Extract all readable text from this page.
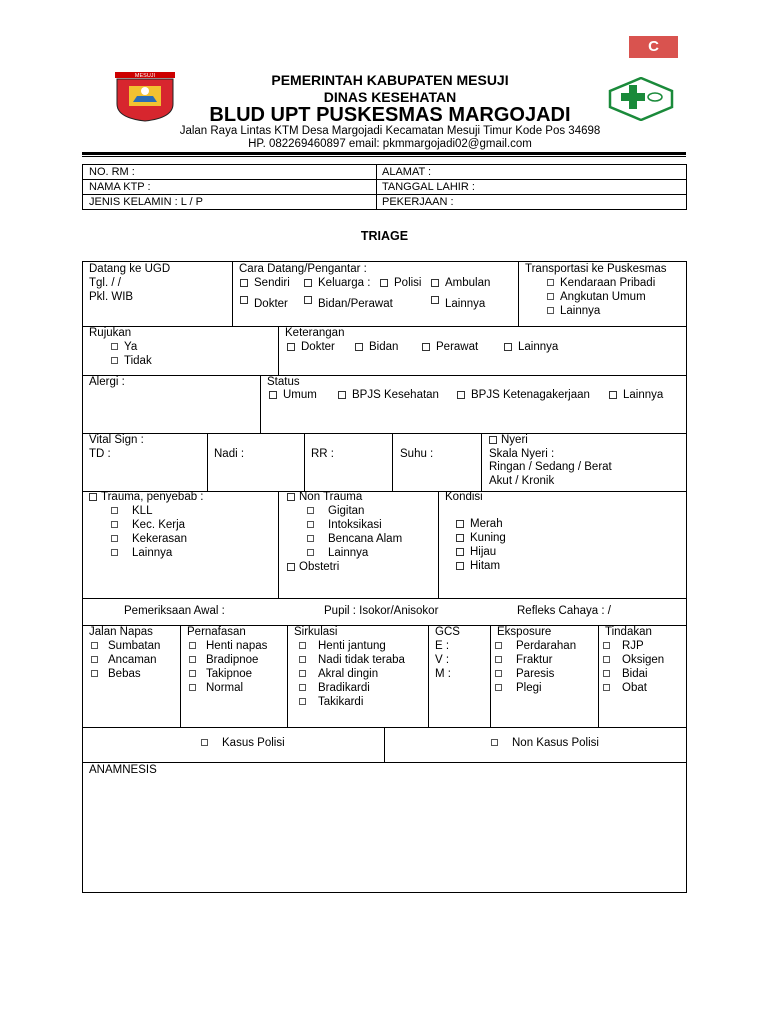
C
MESUJI	PEMERINTAH KABUPATEN MESUJI
DINAS KESEHATAN
BLUD UPT PUSKESMAS MARGOJADI
Jalan Raya Lintas KTM Desa Margojadi Kecamatan Mesuji Timur Kode Pos 34698
HP. 082269460897 email: pkmmargojadi02@gmail.com
NO. RM :	ALAMAT :
NAMA KTP :	TANGGAL LAHIR :
JENIS KELAMIN : L / P	PEKERJAAN :
TRIAGE
Datang ke UGD
Tgl. / /
Pkl. WIB
Cara Datang/Pengantar :
Sendiri	Keluarga :	Polisi	Ambulan
Dokter	Bidan/Perawat	Lainnya
Transportasi ke Puskesmas
Kendaraan Pribadi
Angkutan Umum
Lainnya
Rujukan
Ya
Tidak
Keterangan
Dokter	Bidan	Perawat	Lainnya
Alergi :	Status
Umum	BPJS Kesehatan	BPJS Ketenagakerjaan	Lainnya
Vital Sign :
TD :	Nadi :	RR :	Suhu :
Nyeri
Skala Nyeri :
Ringan / Sedang / Berat
Akut / Kronik
Trauma, penyebab :
KLL
Kec. Kerja
Kekerasan
Lainnya
Non Trauma
Gigitan
Intoksikasi
Bencana Alam
Lainnya
Obstetri
Kondisi
Merah
Kuning
Hijau
Hitam
Pemeriksaan Awal :	Pupil : Isokor/Anisokor	Refleks Cahaya : /
Jalan Napas
Sumbatan
Ancaman
Bebas
Pernafasan
Henti napas
Bradipnoe
Takipnoe
Normal
Sirkulasi
Henti jantung
Nadi tidak teraba
Akral dingin
Bradikardi
Takikardi
GCS
E :
V :
M :
Eksposure
Perdarahan
Fraktur
Paresis
Plegi
Tindakan
RJP
Oksigen
Bidai
Obat
Kasus Polisi	Non Kasus Polisi
ANAMNESIS
